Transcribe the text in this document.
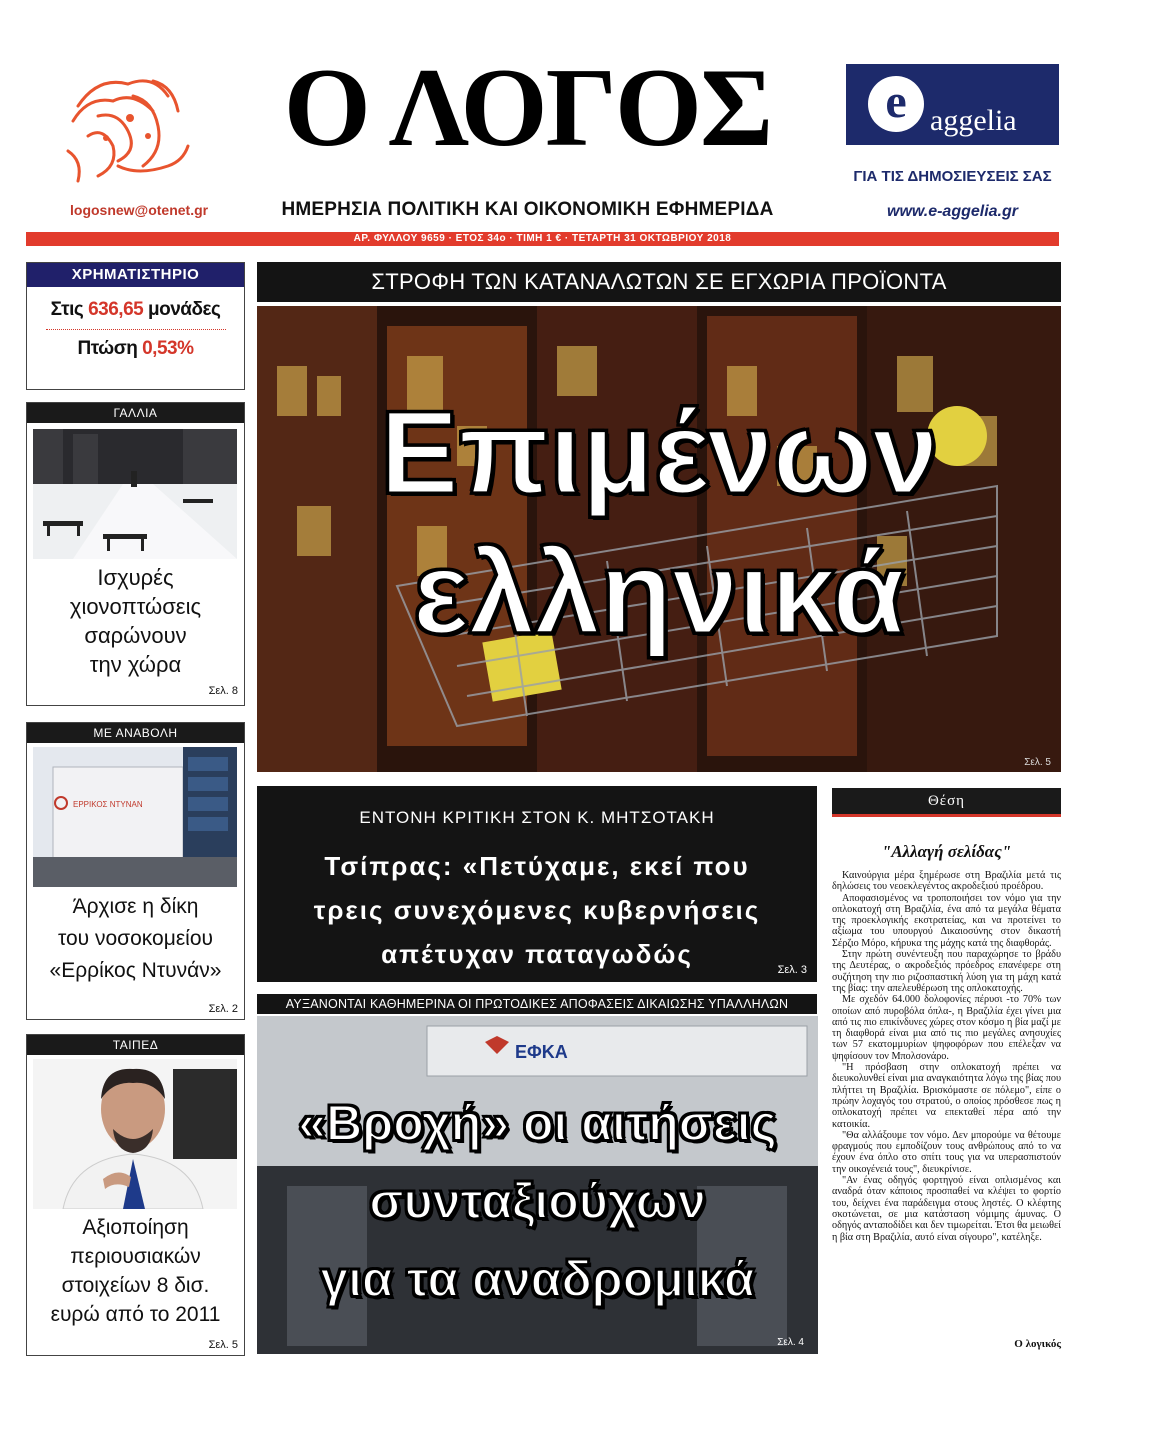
logosnew@otenet.gr
Ο ΛΟΓΟΣ
ΗΜΕΡΗΣΙΑ ΠΟΛΙΤΙΚΗ ΚΑΙ ΟΙΚΟΝΟΜΙΚΗ ΕΦΗΜΕΡΙΔΑ
e aggelia
ΓΙΑ ΤΙΣ ΔΗΜΟΣΙΕΥΣΕΙΣ ΣΑΣ
www.e-aggelia.gr
ΑΡ. ΦΥΛΛΟΥ 9659 · ΕΤΟΣ 34ο · ΤΙΜΗ 1 € · ΤΕΤΑΡΤΗ 31 ΟΚΤΩΒΡΙΟΥ 2018
ΧΡΗΜΑΤΙΣΤΗΡΙΟ
Στις 636,65 μονάδες
Πτώση 0,53%
ΓΑΛΛΙΑ
Ισχυρές
χιονοπτώσεις
σαρώνουν
την χώρα
Σελ. 8
ΜΕ ΑΝΑΒΟΛΗ
ΕΡΡΙΚΟΣ ΝΤΥΝΑΝ
Άρχισε η δίκη
του νοσοκομείου
«Ερρίκος Ντυνάν»
Σελ. 2
ΤΑΙΠΕΔ
Αξιοποίηση
περιουσιακών
στοιχείων 8 δισ.
ευρώ από το 2011
Σελ. 5
ΣΤΡΟΦΗ ΤΩΝ ΚΑΤΑΝΑΛΩΤΩΝ ΣΕ ΕΓΧΩΡΙΑ ΠΡΟΪΟΝΤΑ
Επιμένων
ελληνικά
Σελ. 5
ΕΝΤΟΝΗ ΚΡΙΤΙΚΗ ΣΤΟΝ Κ. ΜΗΤΣΟΤΑΚΗ
Τσίπρας: «Πετύχαμε, εκεί που
τρεις συνεχόμενες κυβερνήσεις
απέτυχαν παταγωδώς
Σελ. 3
ΑΥΞΑΝΟΝΤΑΙ ΚΑΘΗΜΕΡΙΝΑ ΟΙ ΠΡΩΤΟΔΙΚΕΣ ΑΠΟΦΑΣΕΙΣ ΔΙΚΑΙΩΣΗΣ ΥΠΑΛΛΗΛΩΝ
ΕΦΚΑ
«Βροχή» οι αιτήσεις
συνταξιούχων
για τα αναδρομικά
Σελ. 4
Θέση
"Αλλαγή σελίδας"

Καινούργια μέρα ξημέρωσε στη Βραζιλία μετά τις δηλώσεις του νεοεκλεγέντος ακροδεξιού προέδρου.

Αποφασισμένος να τροποποιήσει τον νόμο για την οπλοκατοχή στη Βραζιλία, ένα από τα μεγάλα θέματα της προεκλογικής εκστρατείας, και να προτείνει το αξίωμα του υπουργού Δικαιοσύνης στον δικαστή Σέρζιο Μόρο, κήρυκα της μάχης κατά της διαφθοράς.

Στην πρώτη συνέντευξη που παραχώρησε το βράδυ της Δευτέρας, ο ακροδεξιός πρόεδρος επανέφερε στη συζήτηση την πιο ριζοσπαστική λύση για τη μάχη κατά της βίας: την απελευθέρωση της οπλοκατοχής.

Με σχεδόν 64.000 δολοφονίες πέρυσι -το 70% των οποίων από πυροβόλα όπλα-, η Βραζιλία έχει γίνει μια από τις πιο επικίνδυνες χώρες στον κόσμο η βία μαζί με τη διαφθορά είναι μια από τις πιο μεγάλες ανησυχίες των 57 εκατομμυρίων ψηφοφόρων που επέλεξαν να ψηφίσουν τον Μπολσονάρο.

"Η πρόσβαση στην οπλοκατοχή πρέπει να διευκολυνθεί είναι μια αναγκαιότητα λόγω της βίας που πλήττει τη Βραζιλία. Βρισκόμαστε σε πόλεμο", είπε ο πρώην λοχαγός του στρατού, ο οποίος πρόσθεσε πως η οπλοκατοχή πρέπει να επεκταθεί πέρα από την κατοικία.

"Θα αλλάξουμε τον νόμο. Δεν μπορούμε να θέτουμε φραγμούς που εμποδίζουν τους ανθρώπους από το να έχουν ένα όπλο στο σπίτι τους για να υπερασπιστούν την οικογένειά τους", διευκρίνισε.

"Αν ένας οδηγός φορτηγού είναι οπλισμένος και αναδρά όταν κάποιος προσπαθεί να κλέψει το φορτίο του, δείχνει ένα παράδειγμα στους ληστές. Ο κλέφτης σκοτώνεται, σε μια κατάσταση νόμιμης άμυνας. Ο οδηγός ανταποδίδει και δεν τιμωρείται. Έτσι θα μειωθεί η βία στη Βραζιλία, αυτό είναι σίγουρο", κατέληξε.

Ο λογικός
